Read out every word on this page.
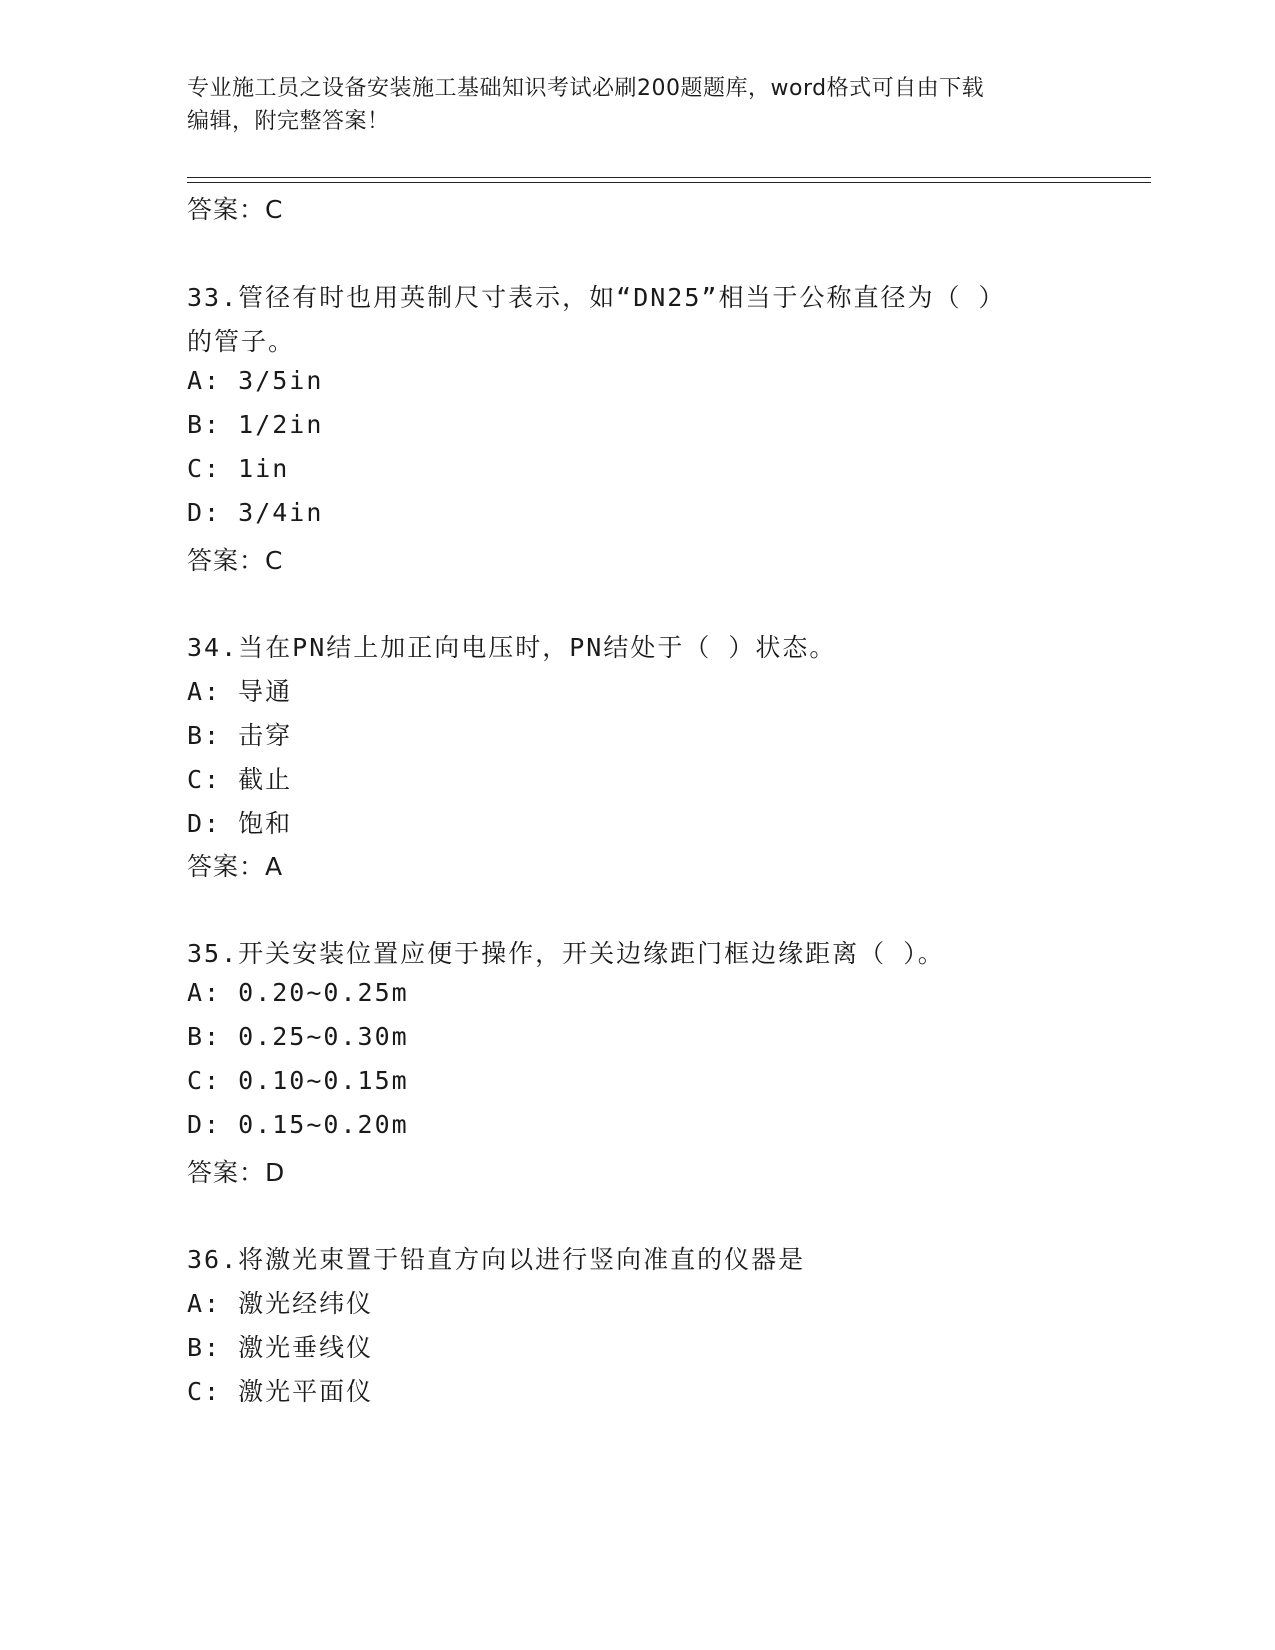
专业施工员之设备安装施工基础知识考试必刷200题题库，word格式可自由下载
编辑，附完整答案！
答案：C
33.管径有时也用英制尺寸表示，如“DN25”相当于公称直径为（ ）
的管子。
A: 3/5in
B: 1/2in
C: 1in
D: 3/4in
答案：C
34.当在PN结上加正向电压时，PN结处于（ ）状态。
A: 导通
B: 击穿
C: 截止
D: 饱和
答案：A
35.开关安装位置应便于操作，开关边缘距门框边缘距离（ ）。
A: 0.20~0.25m
B: 0.25~0.30m
C: 0.10~0.15m
D: 0.15~0.20m
答案：D
36.将激光束置于铅直方向以进行竖向准直的仪器是
A: 激光经纬仪
B: 激光垂线仪
C: 激光平面仪
